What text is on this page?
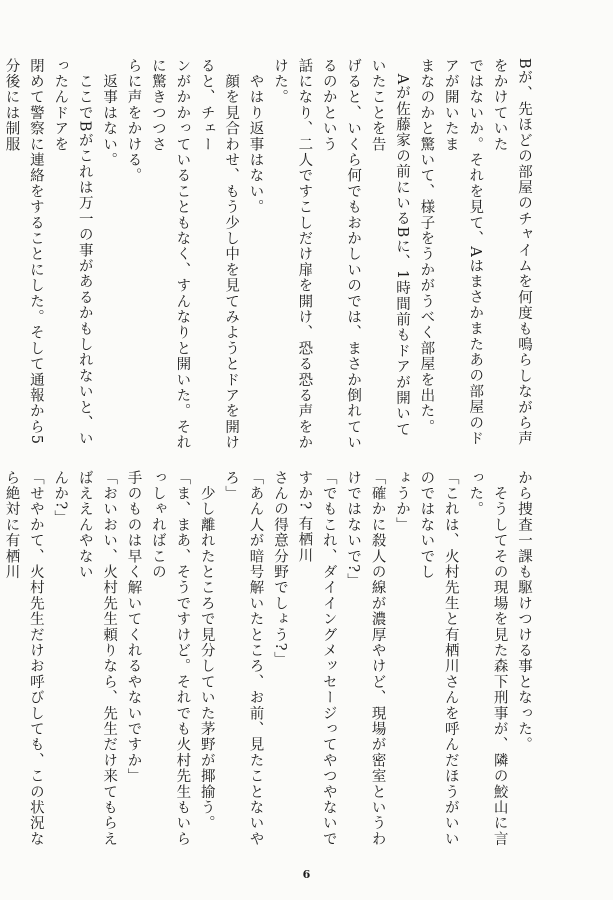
Bが、先ほどの部屋のチャイムを何度も鳴らしながら声をかけていた

ではないか。それを見て、Aはまさかまたあの部屋のドアが開いたま

まなのかと驚いて、様子をうかがうべく部屋を出た。

　Aが佐藤家の前にいるBに、1時間前もドアが開いていたことを告

げると、いくら何でもおかしいのでは、まさか倒れているのかという

話になり、二人ですこしだけ扉を開け、恐る恐る声をかけた。

　やはり返事はない。

　顔を見合わせ、もう少し中を見てみようとドアを開けると、チェー

ンがかかっていることもなく、すんなりと開いた。それに驚きつつさ

らに声をかける。

　返事はない。

　ここでBがこれは万一の事があるかもしれないと、いったんドアを

閉めて警察に連絡をすることにした。そして通報から5分後には制服

から捜査一課も駆けつける事となった。

　そうしてその現場を見た森下刑事が、隣の鮫山に言った。

「これは、火村先生と有栖川さんを呼んだほうがいいのではないでし

ょうか」

「確かに殺人の線が濃厚やけど、現場が密室というわけではないで?」

「でもこれ、ダイイングメッセージってやつやないですか? 有栖川

さんの得意分野でしょう?」

「あん人が暗号解いたところ、お前、見たことないやろ」

　少し離れたところで見分していた茅野が揶揄う。

「ま、まあ、そうですけど。それでも火村先生もいらっしゃればこの

手のものは早く解いてくれるやないですか」

「おいおい、火村先生頼りなら、先生だけ来てもらえばええんやない

んか?」

「せやかて、火村先生だけお呼びしても、この状況なら絶対に有栖川

6
